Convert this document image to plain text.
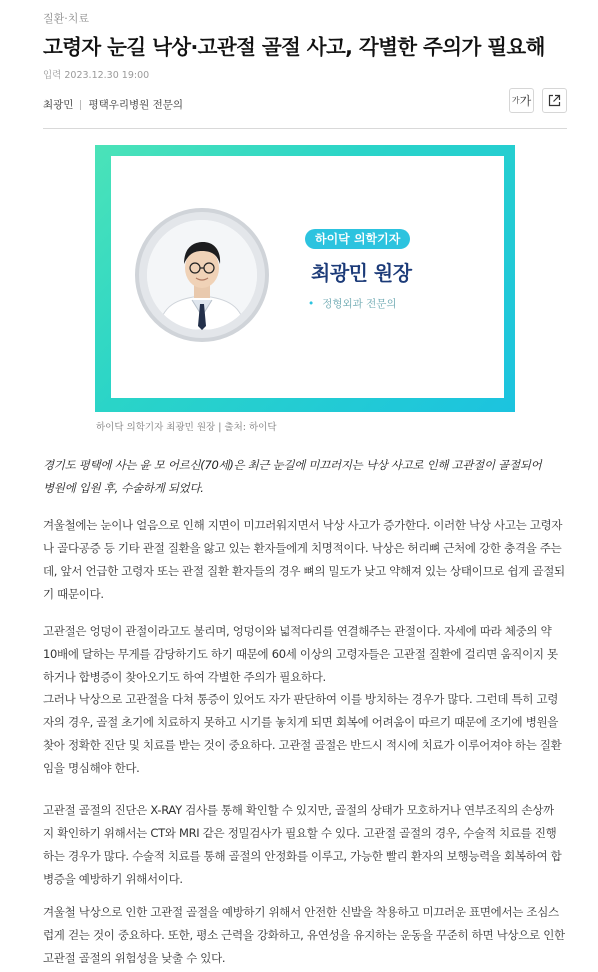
질환·치료
고령자 눈길 낙상·고관절 골절 사고, 각별한 주의가 필요해
입력 2023.12.30 19:00
최광민 평택우리병원 전문의	가 가
하이닥 의학기자
최광민 원장
• 정형외과 전문의
하이닥 의학기자 최광민 원장 | 출처: 하이닥
경기도 평택에 사는 윤 모 어르신(70세)은 최근 눈길에 미끄러지는 낙상 사고로 인해 고관절이 골절되어
병원에 입원 후, 수술하게 되었다.
겨울철에는 눈이나 얼음으로 인해 지면이 미끄러워지면서 낙상 사고가 증가한다. 이러한 낙상 사고는 고령자
나 골다공증 등 기타 관절 질환을 앓고 있는 환자들에게 치명적이다. 낙상은 허리뼈 근처에 강한 충격을 주는
데, 앞서 언급한 고령자 또는 관절 질환 환자들의 경우 뼈의 밀도가 낮고 약해져 있는 상태이므로 쉽게 골절되
기 때문이다.
고관절은 엉덩이 관절이라고도 불리며, 엉덩이와 넓적다리를 연결해주는 관절이다. 자세에 따라 체중의 약
10배에 달하는 무게를 감당하기도 하기 때문에 60세 이상의 고령자들은 고관절 질환에 걸리면 움직이지 못
하거나 합병증이 찾아오기도 하여 각별한 주의가 필요하다.
그러나 낙상으로 고관절을 다쳐 통증이 있어도 자가 판단하여 이를 방치하는 경우가 많다. 그런데 특히 고령
자의 경우, 골절 초기에 치료하지 못하고 시기를 놓치게 되면 회복에 어려움이 따르기 때문에 조기에 병원을
찾아 정확한 진단 및 치료를 받는 것이 중요하다. 고관절 골절은 반드시 적시에 치료가 이루어져야 하는 질환
임을 명심해야 한다.
고관절 골절의 진단은 X-RAY 검사를 통해 확인할 수 있지만, 골절의 상태가 모호하거나 연부조직의 손상까
지 확인하기 위해서는 CT와 MRI 같은 정밀검사가 필요할 수 있다. 고관절 골절의 경우, 수술적 치료를 진행
하는 경우가 많다. 수술적 치료를 통해 골절의 안정화를 이루고, 가능한 빨리 환자의 보행능력을 회복하여 합
병증을 예방하기 위해서이다.
겨울철 낙상으로 인한 고관절 골절을 예방하기 위해서 안전한 신발을 착용하고 미끄러운 표면에서는 조심스
럽게 걷는 것이 중요하다. 또한, 평소 근력을 강화하고, 유연성을 유지하는 운동을 꾸준히 하면 낙상으로 인한
고관절 골절의 위험성을 낮출 수 있다.
